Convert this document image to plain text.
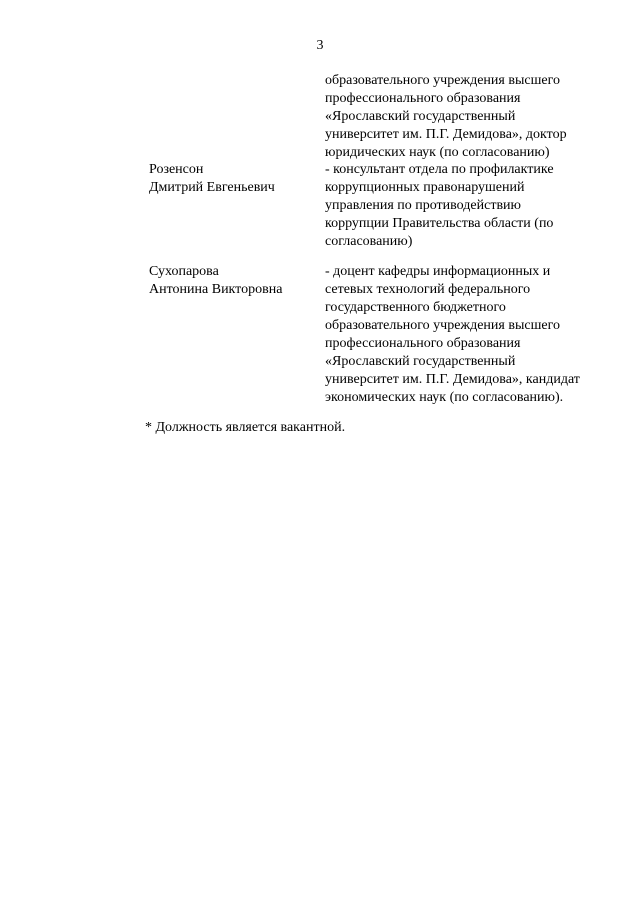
3
образовательного учреждения высшего
профессионального образования
«Ярославский государственный
университет им. П.Г. Демидова», доктор
юридических наук (по согласованию)
Розенсон
Дмитрий Евгеньевич
- консультант отдела по профилактике
коррупционных правонарушений
управления по противодействию
коррупции Правительства области (по
согласованию)
Сухопарова
Антонина Викторовна
- доцент кафедры информационных и
сетевых технологий федерального
государственного бюджетного
образовательного учреждения высшего
профессионального образования
«Ярославский государственный
университет им. П.Г. Демидова», кандидат
экономических наук (по согласованию).
* Должность является вакантной.
